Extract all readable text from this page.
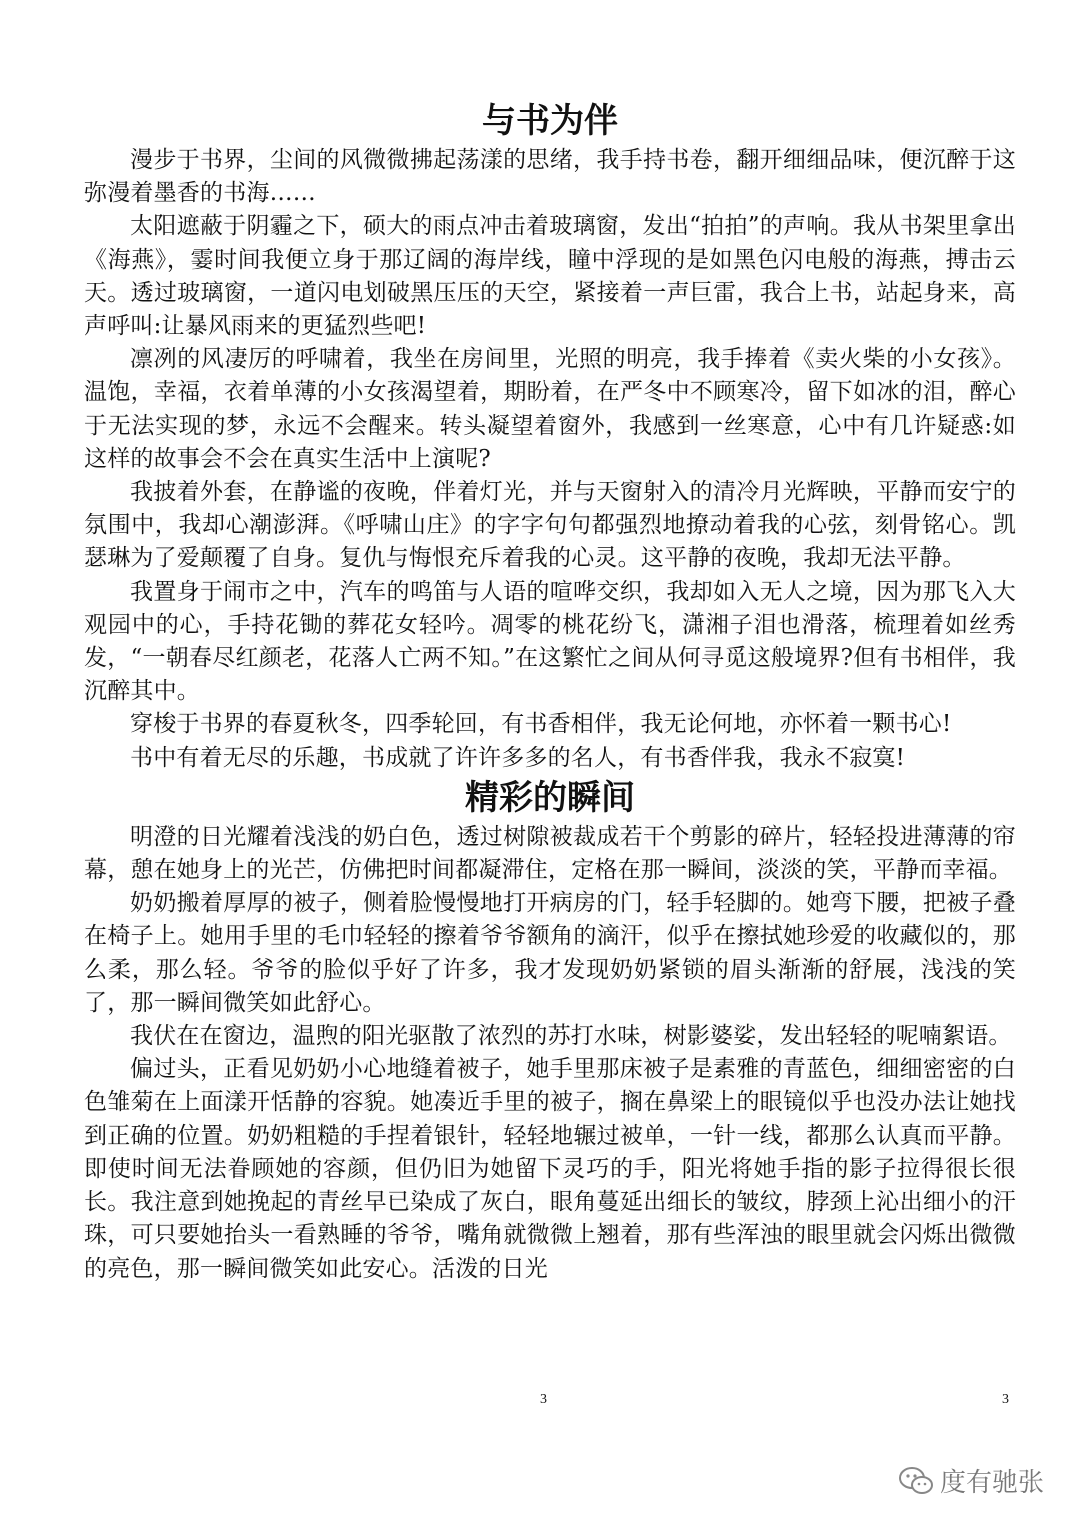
与书为伴

漫步于书界，尘间的风微微拂起荡漾的思绪，我手持书卷，翻开细细品味，便沉醉于这弥漫着墨香的书海……

太阳遮蔽于阴霾之下，硕大的雨点冲击着玻璃窗，发出“拍拍”的声响。我从书架里拿出《海燕》，霎时间我便立身于那辽阔的海岸线，瞳中浮现的是如黑色闪电般的海燕，搏击云天。透过玻璃窗，一道闪电划破黑压压的天空，紧接着一声巨雷，我合上书，站起身来，高声呼叫:让暴风雨来的更猛烈些吧!

凛冽的风凄厉的呼啸着，我坐在房间里，光照的明亮，我手捧着《卖火柴的小女孩》。温饱，幸福，衣着单薄的小女孩渴望着，期盼着，在严冬中不顾寒冷，留下如冰的泪，醉心于无法实现的梦，永远不会醒来。转头凝望着窗外，我感到一丝寒意，心中有几许疑惑:如这样的故事会不会在真实生活中上演呢?

我披着外套，在静谧的夜晚，伴着灯光，并与天窗射入的清冷月光辉映，平静而安宁的氛围中，我却心潮澎湃。《呼啸山庄》的字字句句都强烈地撩动着我的心弦，刻骨铭心。凯瑟琳为了爱颠覆了自身。复仇与悔恨充斥着我的心灵。这平静的夜晚，我却无法平静。

我置身于闹市之中，汽车的鸣笛与人语的喧哗交织，我却如入无人之境，因为那飞入大观园中的心，手持花锄的葬花女轻吟。凋零的桃花纷飞，潇湘子泪也滑落，梳理着如丝秀发，“一朝春尽红颜老，花落人亡两不知。”在这繁忙之间从何寻觅这般境界?但有书相伴，我沉醉其中。

穿梭于书界的春夏秋冬，四季轮回，有书香相伴，我无论何地，亦怀着一颗书心!

书中有着无尽的乐趣，书成就了许许多多的名人，有书香伴我，我永不寂寞!

精彩的瞬间

明澄的日光耀着浅浅的奶白色，透过树隙被裁成若干个剪影的碎片，轻轻投进薄薄的帘幕，憩在她身上的光芒，仿佛把时间都凝滞住，定格在那一瞬间，淡淡的笑，平静而幸福。

奶奶搬着厚厚的被子，侧着脸慢慢地打开病房的门，轻手轻脚的。她弯下腰，把被子叠在椅子上。她用手里的毛巾轻轻的擦着爷爷额角的滴汗，似乎在擦拭她珍爱的收藏似的，那么柔，那么轻。爷爷的脸似乎好了许多，我才发现奶奶紧锁的眉头渐渐的舒展，浅浅的笑了，那一瞬间微笑如此舒心。

我伏在在窗边，温煦的阳光驱散了浓烈的苏打水味，树影婆娑，发出轻轻的呢喃絮语。

偏过头，正看见奶奶小心地缝着被子，她手里那床被子是素雅的青蓝色，细细密密的白色雏菊在上面漾开恬静的容貌。她凑近手里的被子，搁在鼻梁上的眼镜似乎也没办法让她找到正确的位置。奶奶粗糙的手捏着银针，轻轻地辗过被单，一针一线，都那么认真而平静。即使时间无法眷顾她的容颜，但仍旧为她留下灵巧的手，阳光将她手指的影子拉得很长很长。我注意到她挽起的青丝早已染成了灰白，眼角蔓延出细长的皱纹，脖颈上沁出细小的汗珠，可只要她抬头一看熟睡的爷爷，嘴角就微微上翘着，那有些浑浊的眼里就会闪烁出微微的亮色，那一瞬间微笑如此安心。活泼的日光

3	3
度有驰张
